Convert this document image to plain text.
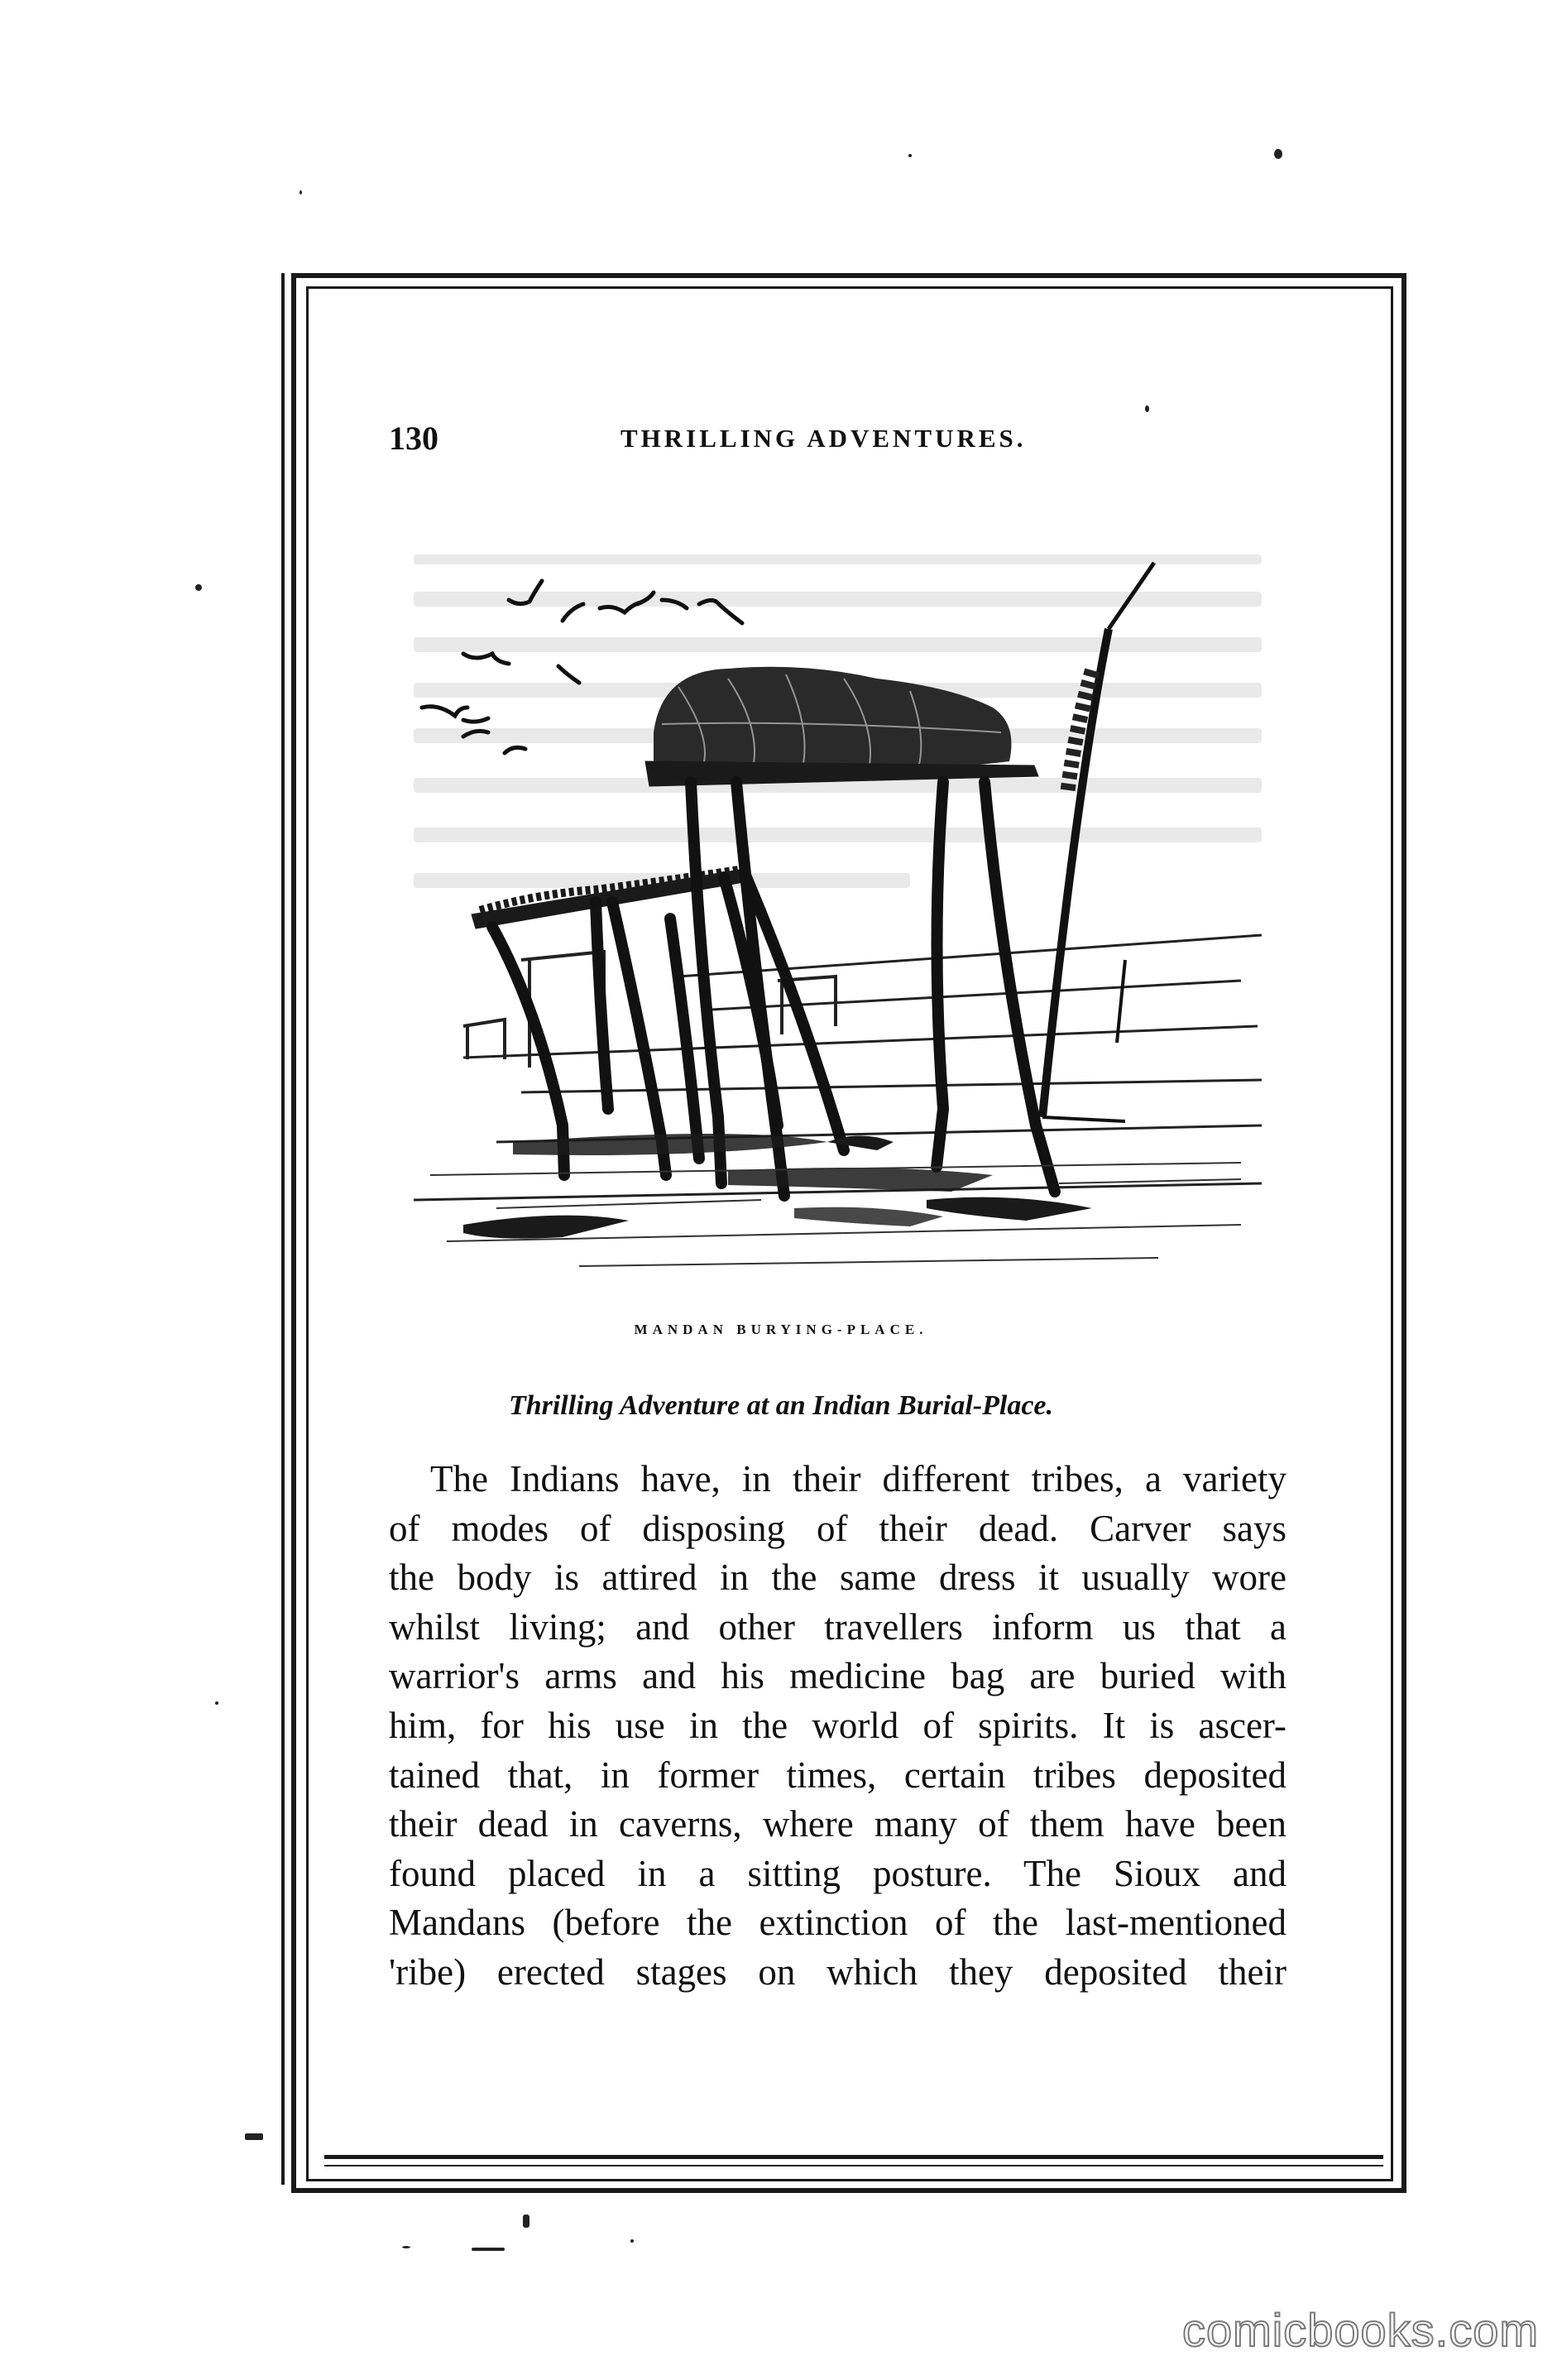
130	THRILLING ADVENTURES.
MANDAN BURYING-PLACE.
Thrilling Adventure at an Indian Burial-Place.
The Indians have, in their different tribes, a variety
of modes of disposing of their dead. Carver says
the body is attired in the same dress it usually wore
whilst living; and other travellers inform us that a
warrior's arms and his medicine bag are buried with
him, for his use in the world of spirits. It is ascer-
tained that, in former times, certain tribes deposited
their dead in caverns, where many of them have been
found placed in a sitting posture. The Sioux and
Mandans (before the extinction of the last-mentioned
'ribe) erected stages on which they deposited their
comicbooks.com
